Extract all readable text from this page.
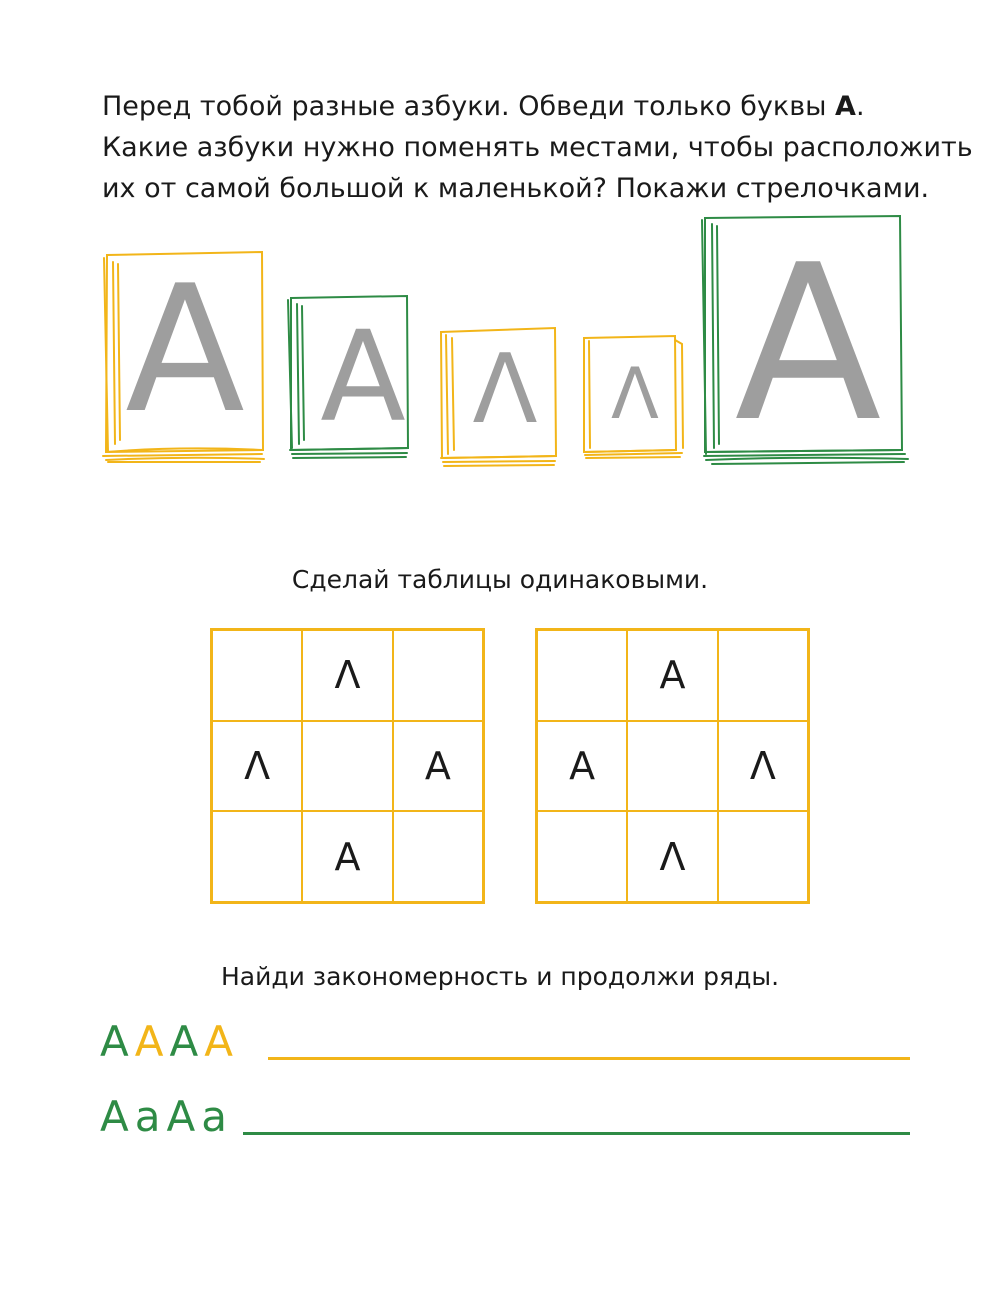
Перед тобой разные азбуки. Обведи только буквы А.
Какие азбуки нужно поменять местами, чтобы расположить
их от самой большой к маленькой? Покажи стрелочками.

A A Λ Λ A

Сделай таблицы одинаковыми.

Λ
Λ	A
A
A
A	Λ
Λ

Найди закономерность и продолжи ряды.

A A A A
A a A a
